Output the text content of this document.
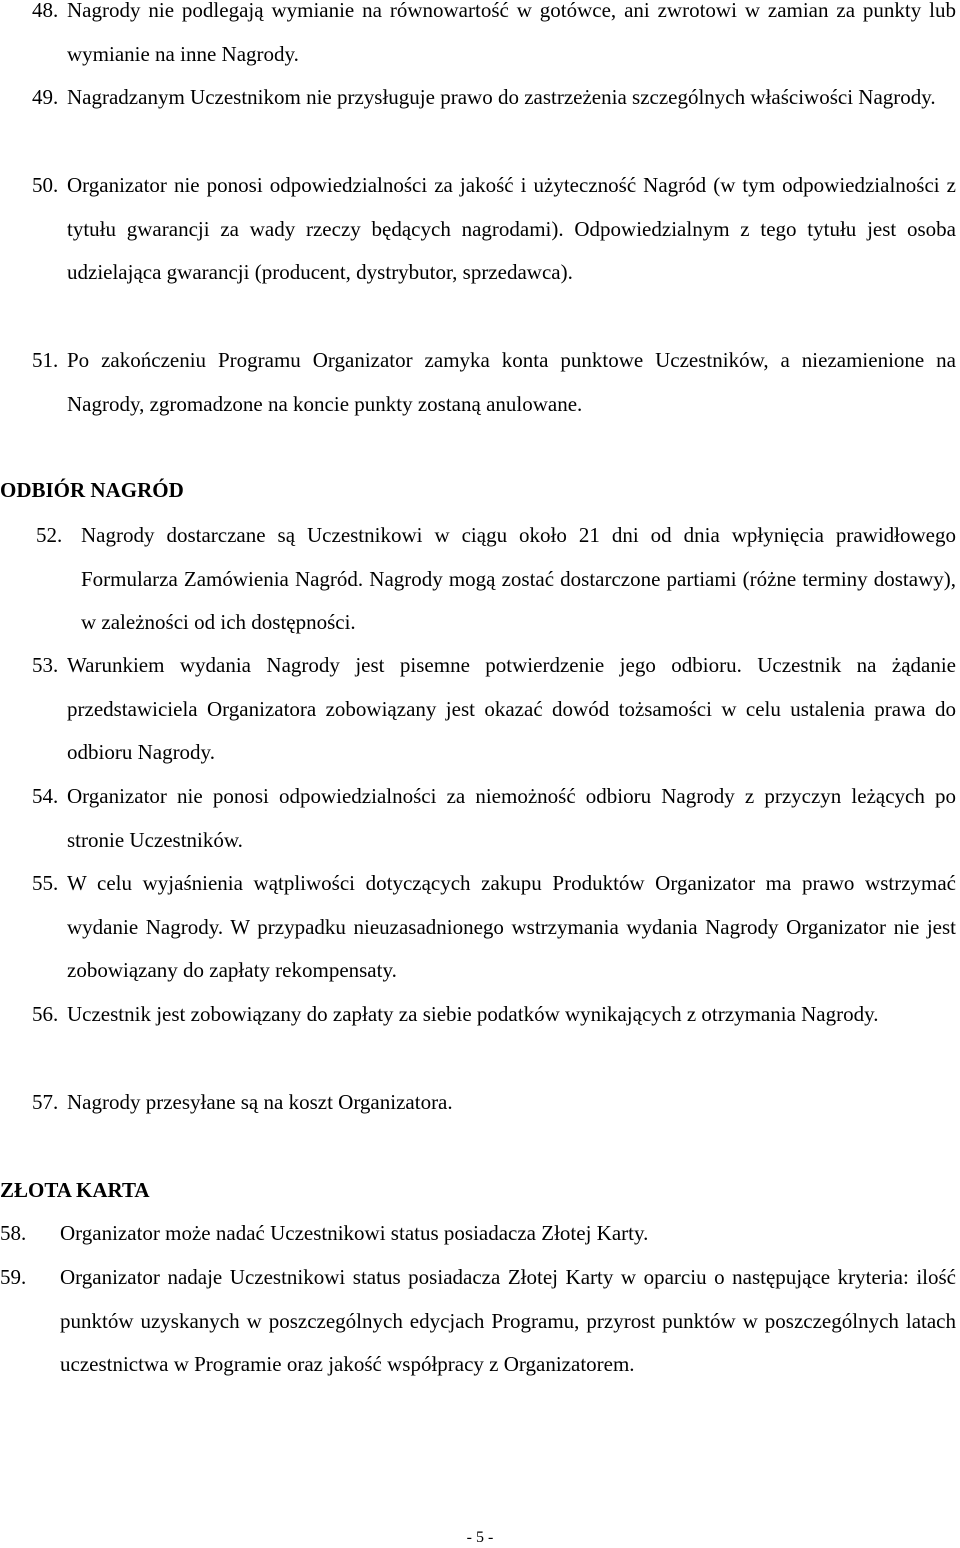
48. Nagrody nie podlegają wymianie na równowartość w gotówce, ani zwrotowi w zamian za punkty lub wymianie na inne Nagrody.
49. Nagradzanym Uczestnikom nie przysługuje prawo do zastrzeżenia szczególnych właściwości Nagrody.
50. Organizator nie ponosi odpowiedzialności za jakość i użyteczność Nagród (w tym odpowiedzialności z tytułu gwarancji za wady rzeczy będących nagrodami). Odpowiedzialnym z tego tytułu jest osoba udzielająca gwarancji (producent, dystrybutor, sprzedawca).
51. Po zakończeniu Programu Organizator zamyka konta punktowe Uczestników, a niezamienione na Nagrody, zgromadzone na koncie punkty zostaną anulowane.
ODBIÓR NAGRÓD
52. Nagrody dostarczane są Uczestnikowi w ciągu około 21 dni od dnia wpłynięcia prawidłowego Formularza Zamówienia Nagród. Nagrody mogą zostać dostarczone partiami (różne terminy dostawy), w zależności od ich dostępności.
53. Warunkiem wydania Nagrody jest pisemne potwierdzenie jego odbioru. Uczestnik na żądanie przedstawiciela Organizatora zobowiązany jest okazać dowód tożsamości w celu ustalenia prawa do odbioru Nagrody.
54. Organizator nie ponosi odpowiedzialności za niemożność odbioru Nagrody z przyczyn leżących po stronie Uczestników.
55. W celu wyjaśnienia wątpliwości dotyczących zakupu Produktów Organizator ma prawo wstrzymać wydanie Nagrody. W przypadku nieuzasadnionego wstrzymania wydania Nagrody Organizator nie jest zobowiązany do zapłaty rekompensaty.
56. Uczestnik jest zobowiązany do zapłaty za siebie podatków wynikających z otrzymania Nagrody.
57. Nagrody przesyłane są na koszt Organizatora.
ZŁOTA KARTA
58.	Organizator może nadać Uczestnikowi status posiadacza Złotej Karty.
59.	Organizator nadaje Uczestnikowi status posiadacza Złotej Karty w oparciu o następujące kryteria: ilość punktów uzyskanych w poszczególnych edycjach Programu, przyrost punktów w poszczególnych latach uczestnictwa w Programie oraz jakość współpracy z Organizatorem.
- 5 -
